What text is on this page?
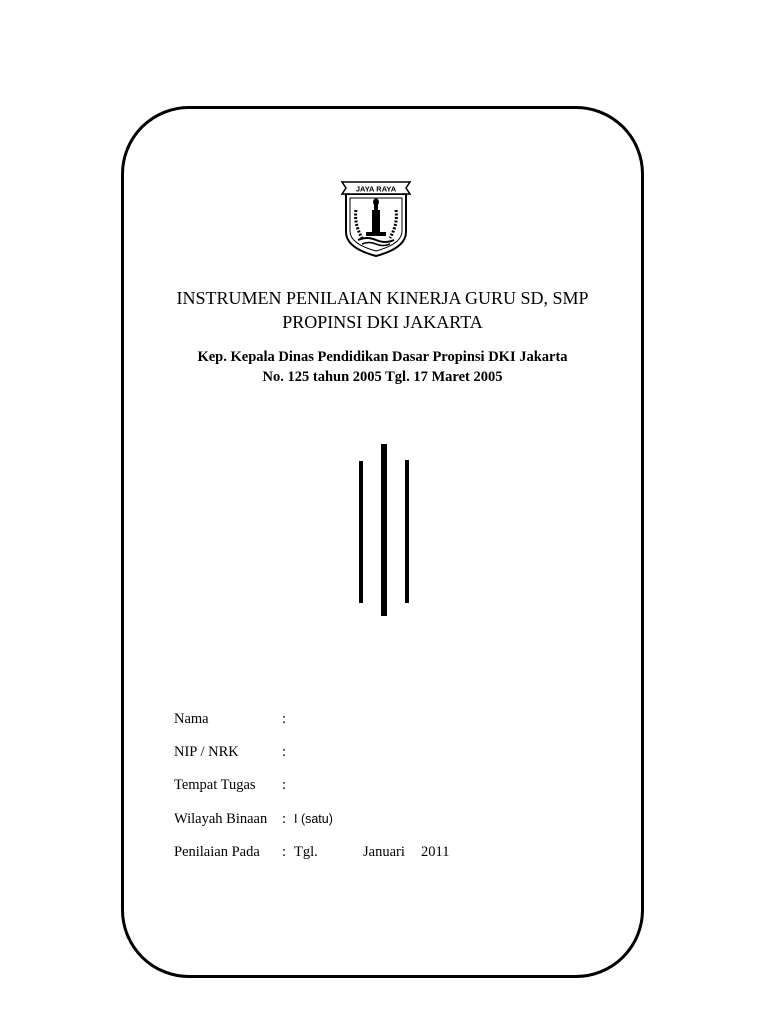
JAYA RAYA
INSTRUMEN PENILAIAN KINERJA GURU SD, SMP
PROPINSI DKI JAKARTA
Kep. Kepala Dinas Pendidikan Dasar Propinsi DKI Jakarta
No. 125 tahun 2005 Tgl. 17 Maret 2005
Nama	:
NIP / NRK	:
Tempat Tugas :
Wilayah Binaan : I (satu)
Penilaian Pada : Tgl.	Januari 2011
